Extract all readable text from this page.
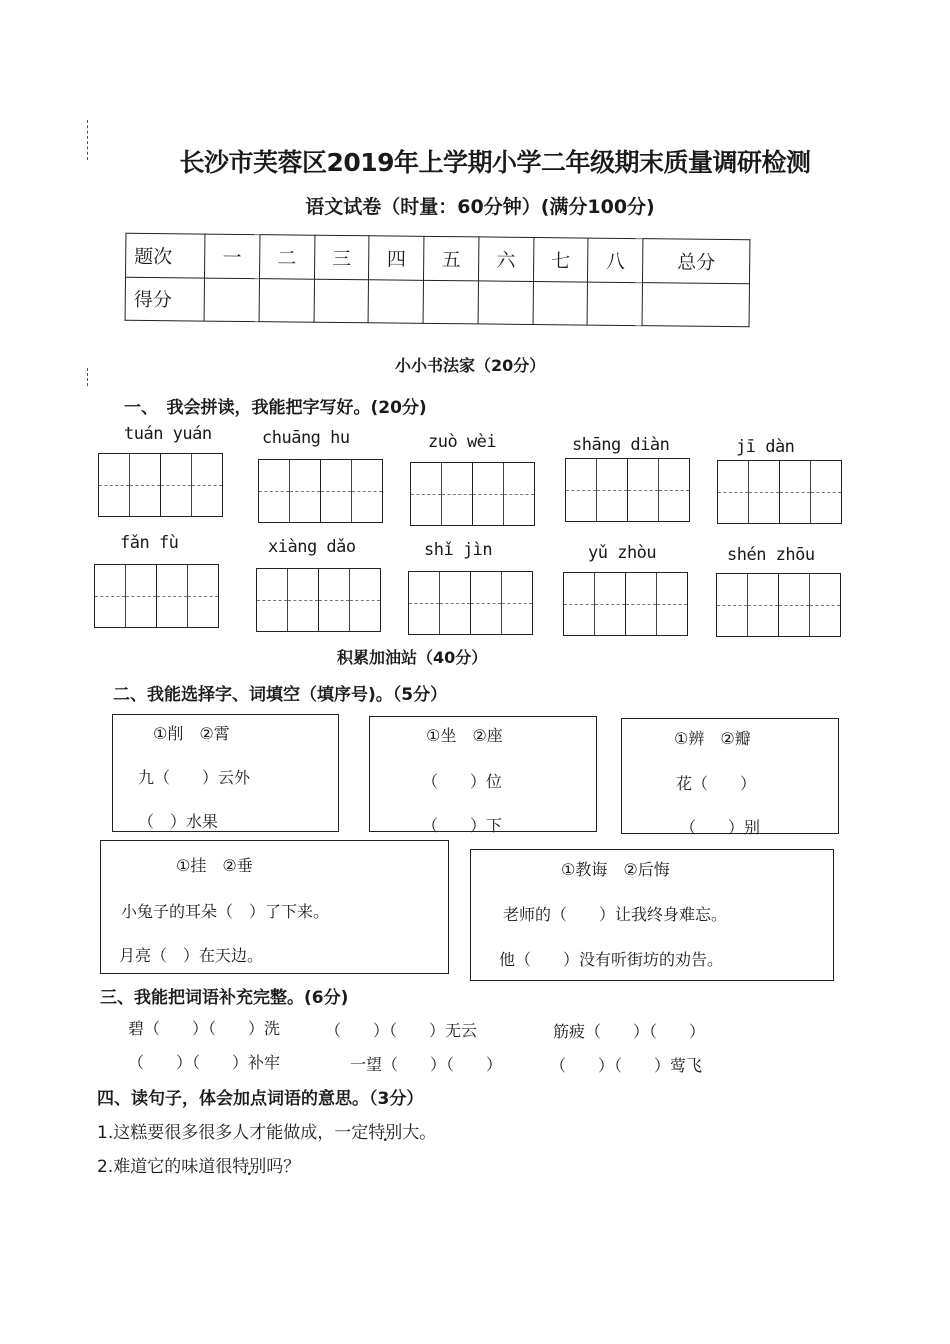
长沙市芙蓉区2019年上学期小学二年级期末质量调研检测
语文试卷（时量：60分钟）(满分100分)
题次	一	二	三	四	五	六	七	八	总分
得分									
小小书法家（20分）
一、　我会拼读，我能把字写好。(20分)
tuán yuán	chuāng hu	zuò wèi	shāng diàn	jī dàn
fǎn fù	xiàng dǎo	shǐ jìn	yǔ zhòu	shén zhōu
积累加油站（40分）
二、我能选择字、词填空（填序号)。（5分）
①削　②霄
九（　　）云外
（　）水果
①坐　②座
（　　）位
（　　）下
①辨　②瓣
花（　　）
（　　）别
①挂　②垂
小兔子的耳朵（　）了下来。
月亮（　）在天边。
①教诲　②后悔
老师的（　　）让我终身难忘。
他（　　）没有听街坊的劝告。
三、我能把词语补充完整。(6分)
碧（　　）（　　）洗	（　　）（　　）无云	筋疲（　　）（　　）
（　　）（　　）补牢	一望（　　）（　　）	（　　）（　　）莺飞
四、读句子，体会加点词语的意思。（3分）
1.这糕要很多很多人才能做成，一定特别大。
2.难道它的味道很特别吗？
